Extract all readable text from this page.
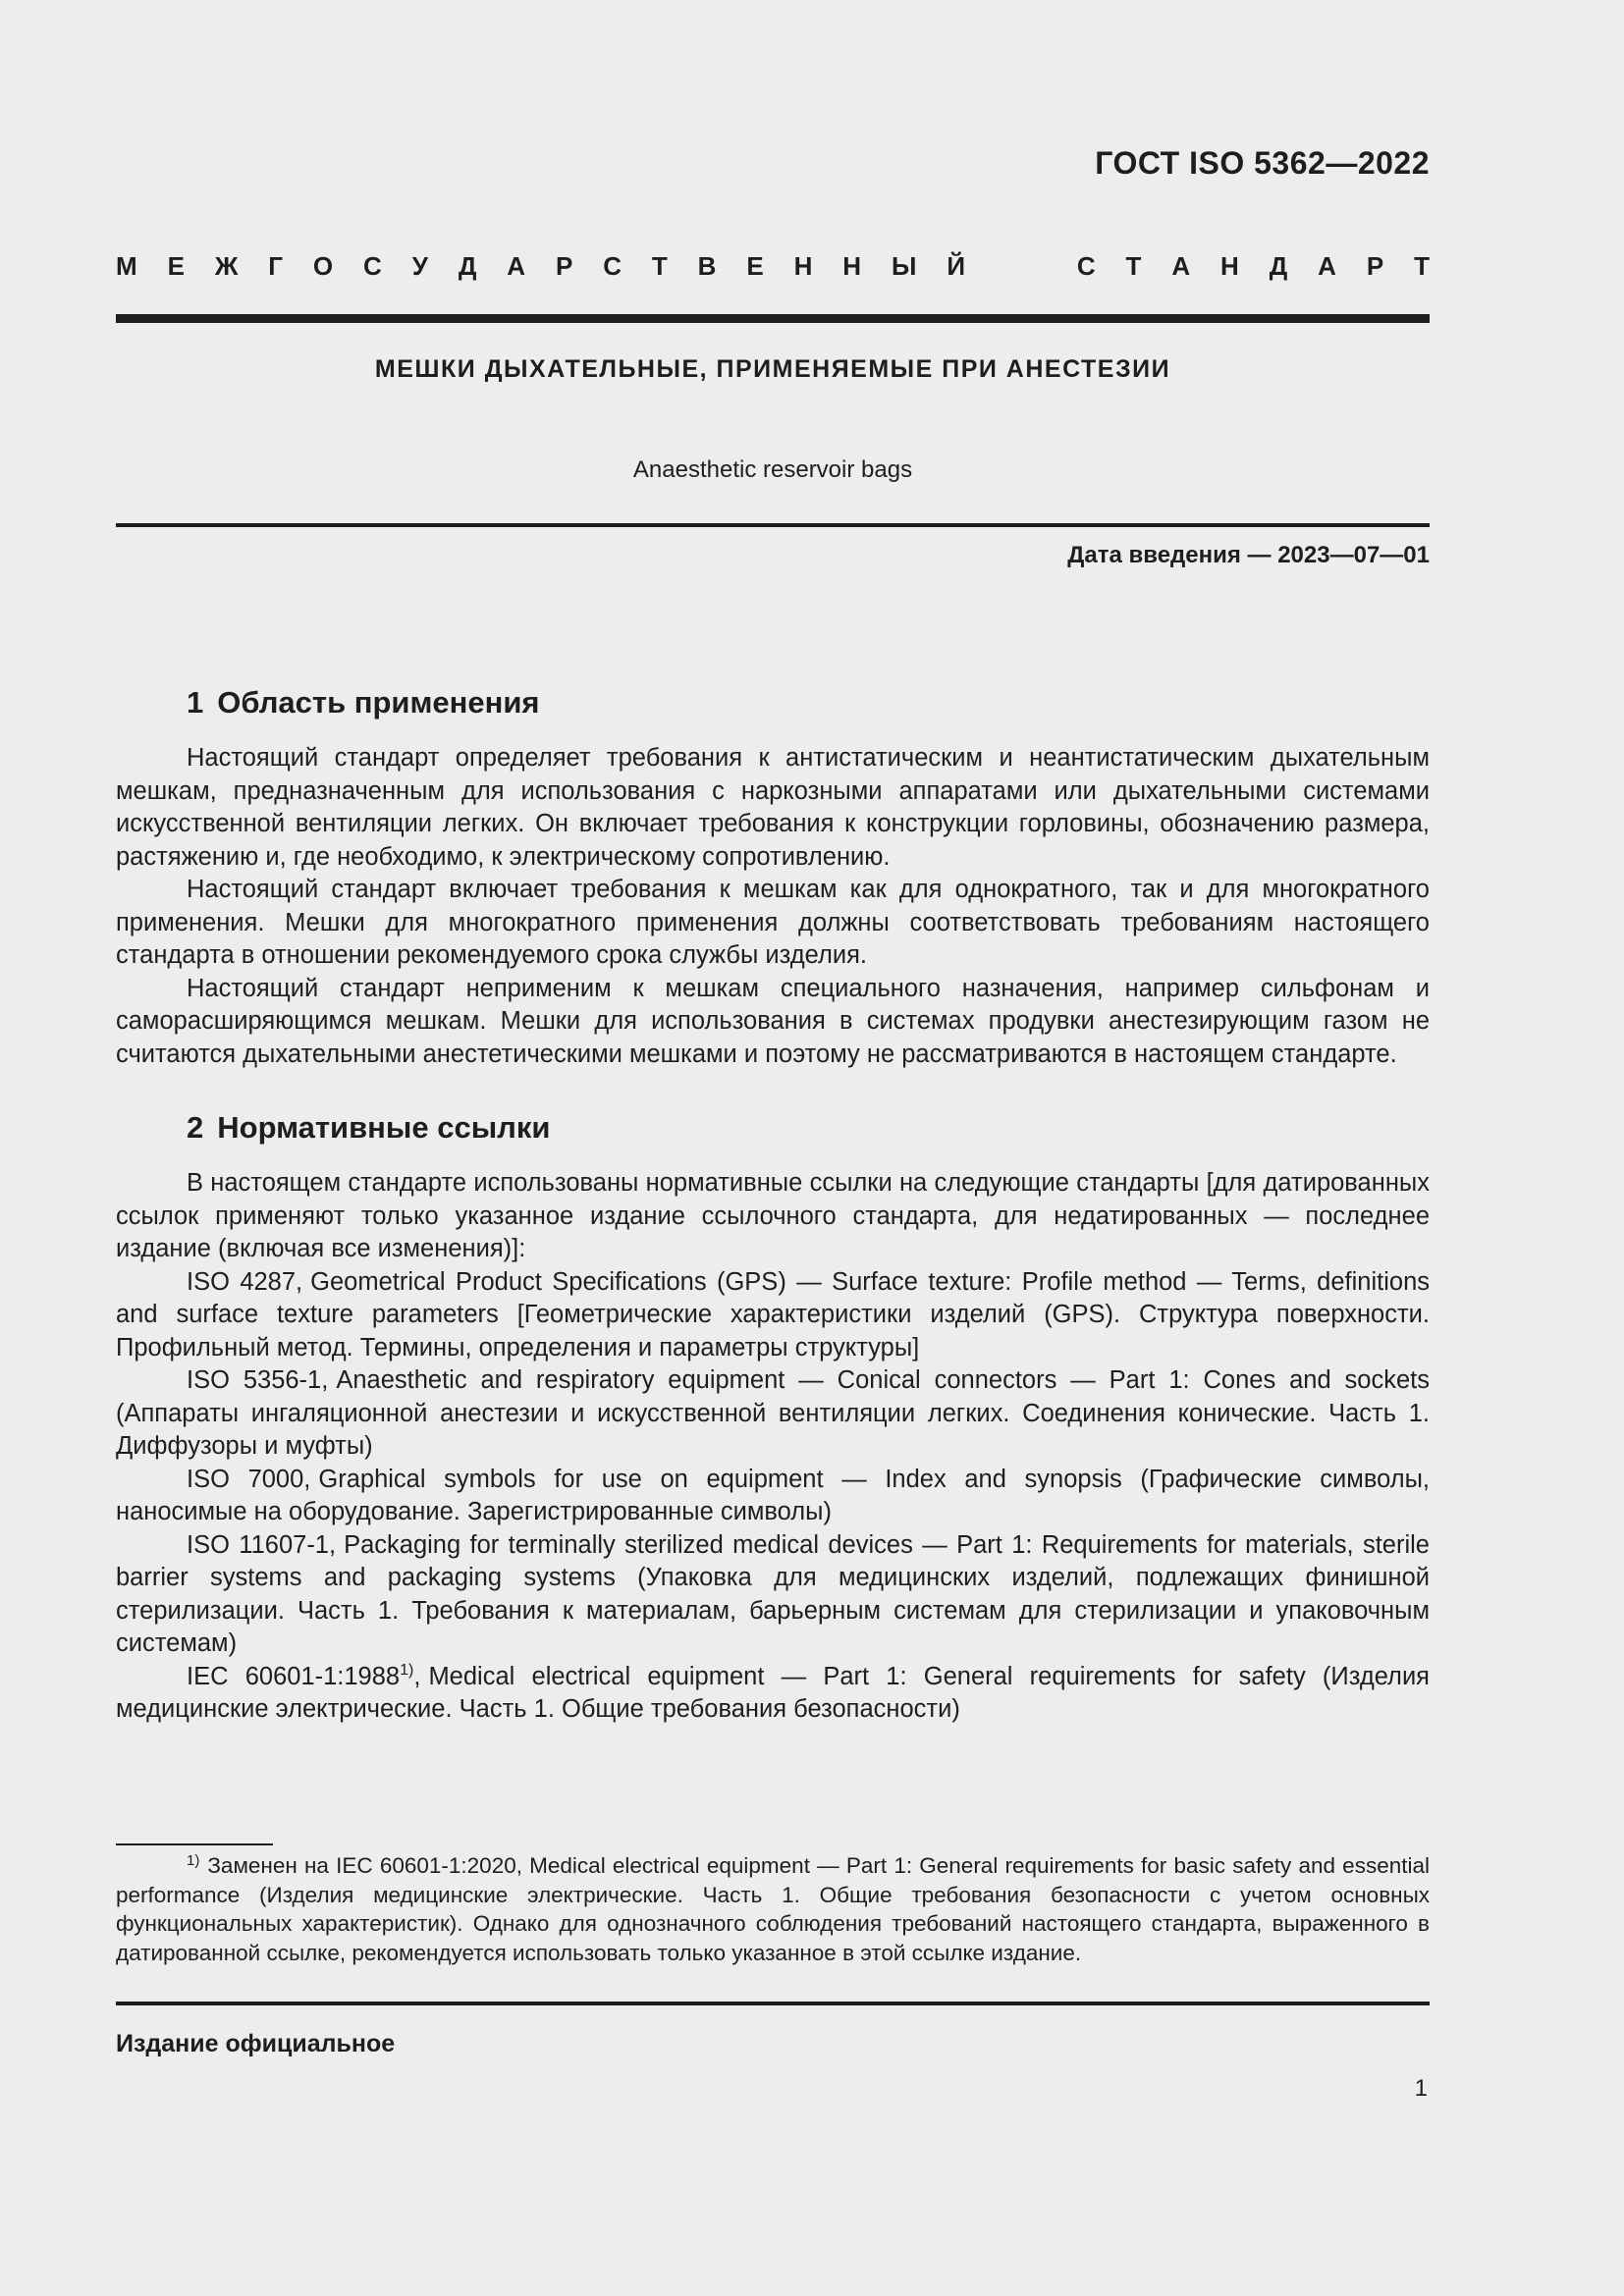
ГОСТ ISO 5362—2022
М Е Ж Г О С У Д А Р С Т В Е Н Н Ы Й	С Т А Н Д А Р Т
МЕШКИ ДЫХАТЕЛЬНЫЕ, ПРИМЕНЯЕМЫЕ ПРИ АНЕСТЕЗИИ
Anaesthetic reservoir bags
Дата введения — 2023—07—01
1 Область применения

Настоящий стандарт определяет требования к антистатическим и неантистатическим дыхательным мешкам, предназначенным для использования с наркозными аппаратами или дыхательными системами искусственной вентиляции легких. Он включает требования к конструкции горловины, обозначению размера, растяжению и, где необходимо, к электрическому сопротивлению.

Настоящий стандарт включает требования к мешкам как для однократного, так и для многократного применения. Мешки для многократного применения должны соответствовать требованиям настоящего стандарта в отношении рекомендуемого срока службы изделия.

Настоящий стандарт неприменим к мешкам специального назначения, например сильфонам и саморасширяющимся мешкам. Мешки для использования в системах продувки анестезирующим газом не считаются дыхательными анестетическими мешками и поэтому не рассматриваются в настоящем стандарте.

2 Нормативные ссылки

В настоящем стандарте использованы нормативные ссылки на следующие стандарты [для датированных ссылок применяют только указанное издание ссылочного стандарта, для недатированных — последнее издание (включая все изменения)]:

ISO 4287, Geometrical Product Specifications (GPS) — Surface texture: Profile method — Terms, definitions and surface texture parameters [Геометрические характеристики изделий (GPS). Структура поверхности. Профильный метод. Термины, определения и параметры структуры]

ISO 5356-1, Anaesthetic and respiratory equipment — Conical connectors — Part 1: Cones and sockets (Аппараты ингаляционной анестезии и искусственной вентиляции легких. Соединения конические. Часть 1. Диффузоры и муфты)

ISO 7000, Graphical symbols for use on equipment — Index and synopsis (Графические символы, наносимые на оборудование. Зарегистрированные символы)

ISO 11607-1, Packaging for terminally sterilized medical devices — Part 1: Requirements for materials, sterile barrier systems and packaging systems (Упаковка для медицинских изделий, подлежащих финишной стерилизации. Часть 1. Требования к материалам, барьерным системам для стерилизации и упаковочным системам)

IEC 60601-1:1988$^{1)}$, Medical electrical equipment — Part 1: General requirements for safety (Изделия медицинские электрические. Часть 1. Общие требования безопасности)

$^{1)}$ Заменен на IEC 60601-1:2020, Medical electrical equipment — Part 1: General requirements for basic safety and essential performance (Изделия медицинские электрические. Часть 1. Общие требования безопасности с учетом основных функциональных характеристик). Однако для однозначного соблюдения требований настоящего стандарта, выраженного в датированной ссылке, рекомендуется использовать только указанное в этой ссылке издание.

Издание официальное
1
